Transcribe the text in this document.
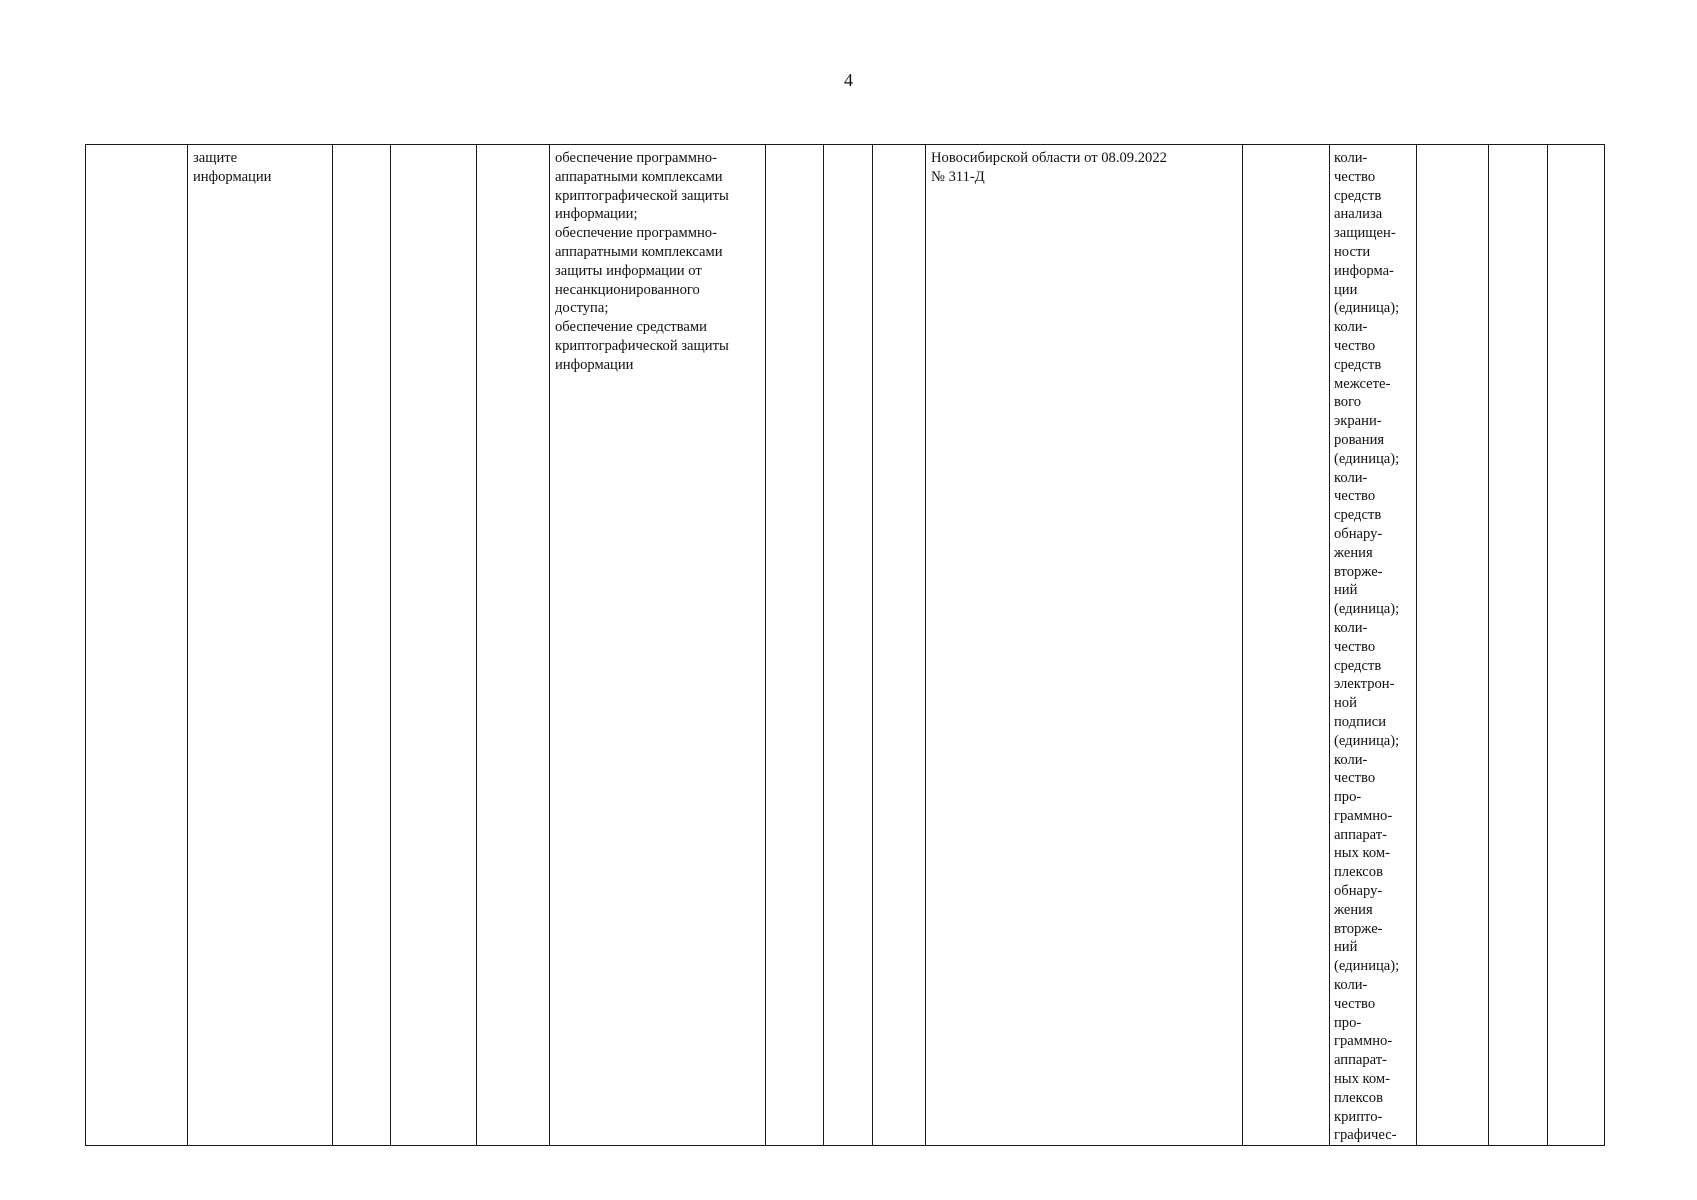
4
	защите
информации				обеспечение программно-
аппаратными комплексами
криптографической защиты
информации;
обеспечение программно-
аппаратными комплексами
защиты информации от
несанкционированного
доступа;
обеспечение средствами
криптографической защиты
информации				Новосибирской области от 08.09.2022
№ 311-Д		коли-
чество
средств
анализа
защищен-
ности
информа-
ции
(единица);
коли-
чество
средств
межсете-
вого
экрани-
рования
(единица);
коли-
чество
средств
обнару-
жения
вторже-
ний
(единица);
коли-
чество
средств
электрон-
ной
подписи
(единица);
коли-
чество
про-
граммно-
аппарат-
ных ком-
плексов
обнару-
жения
вторже-
ний
(единица);
коли-
чество
про-
граммно-
аппарат-
ных ком-
плексов
крипто-
графичес-			
